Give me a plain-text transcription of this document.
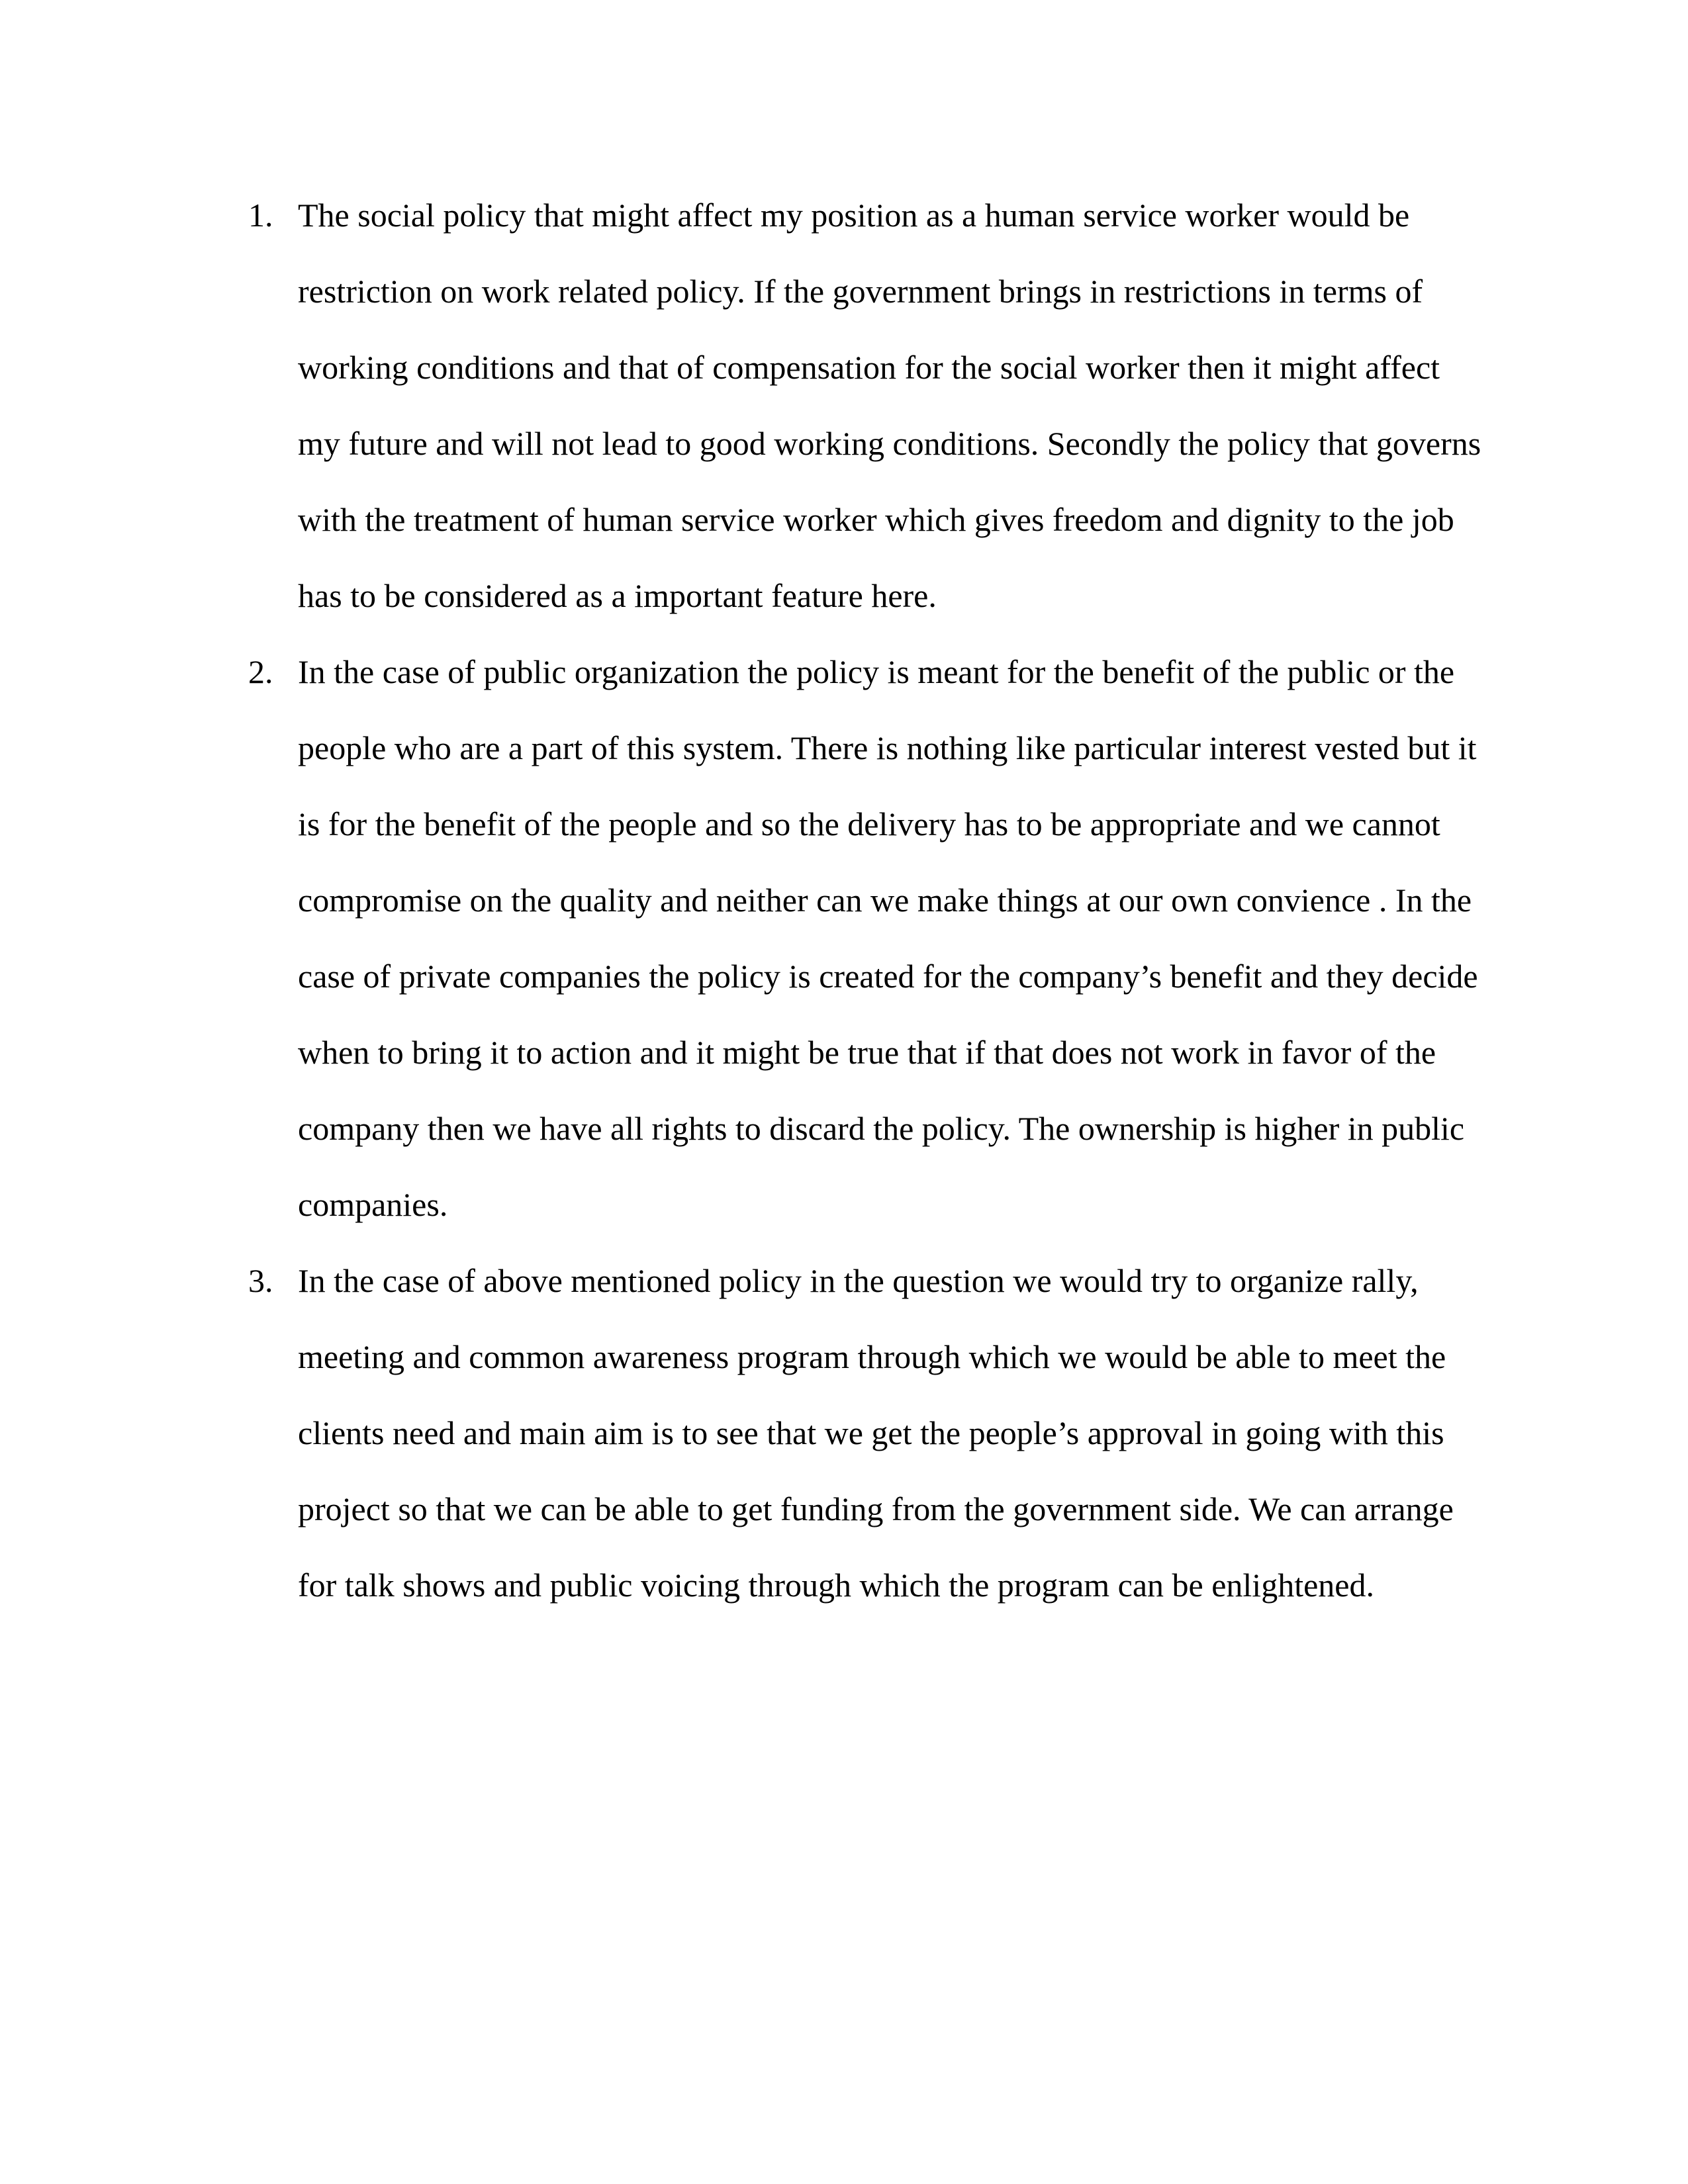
1. The social policy that might affect my position as a human service worker would be
restriction on work related policy. If the government brings in restrictions in terms of
working conditions and that of compensation for the social worker then it might affect
my future and will not lead to good working conditions. Secondly the policy that governs
with the treatment of human service worker which gives freedom and dignity to the job
has to be considered as a important feature here.
2. In the case of public organization the policy is meant for the benefit of the public or the
people who are a part of this system. There is nothing like particular interest vested but it
is for the benefit of the people and so the delivery has to be appropriate and we cannot
compromise on the quality and neither can we make things at our own convience . In the
case of private companies the policy is created for the company’s benefit and they decide
when to bring it to action and it might be true that if that does not work in favor of the
company then we have all rights to discard the policy. The ownership is higher in public
companies.
3. In the case of above mentioned policy in the question we would try to organize rally,
meeting and common awareness program through which we would be able to meet the
clients need and main aim is to see that we get the people’s approval in going with this
project so that we can be able to get funding from the government side. We can arrange
for talk shows and public voicing through which the program can be enlightened.
